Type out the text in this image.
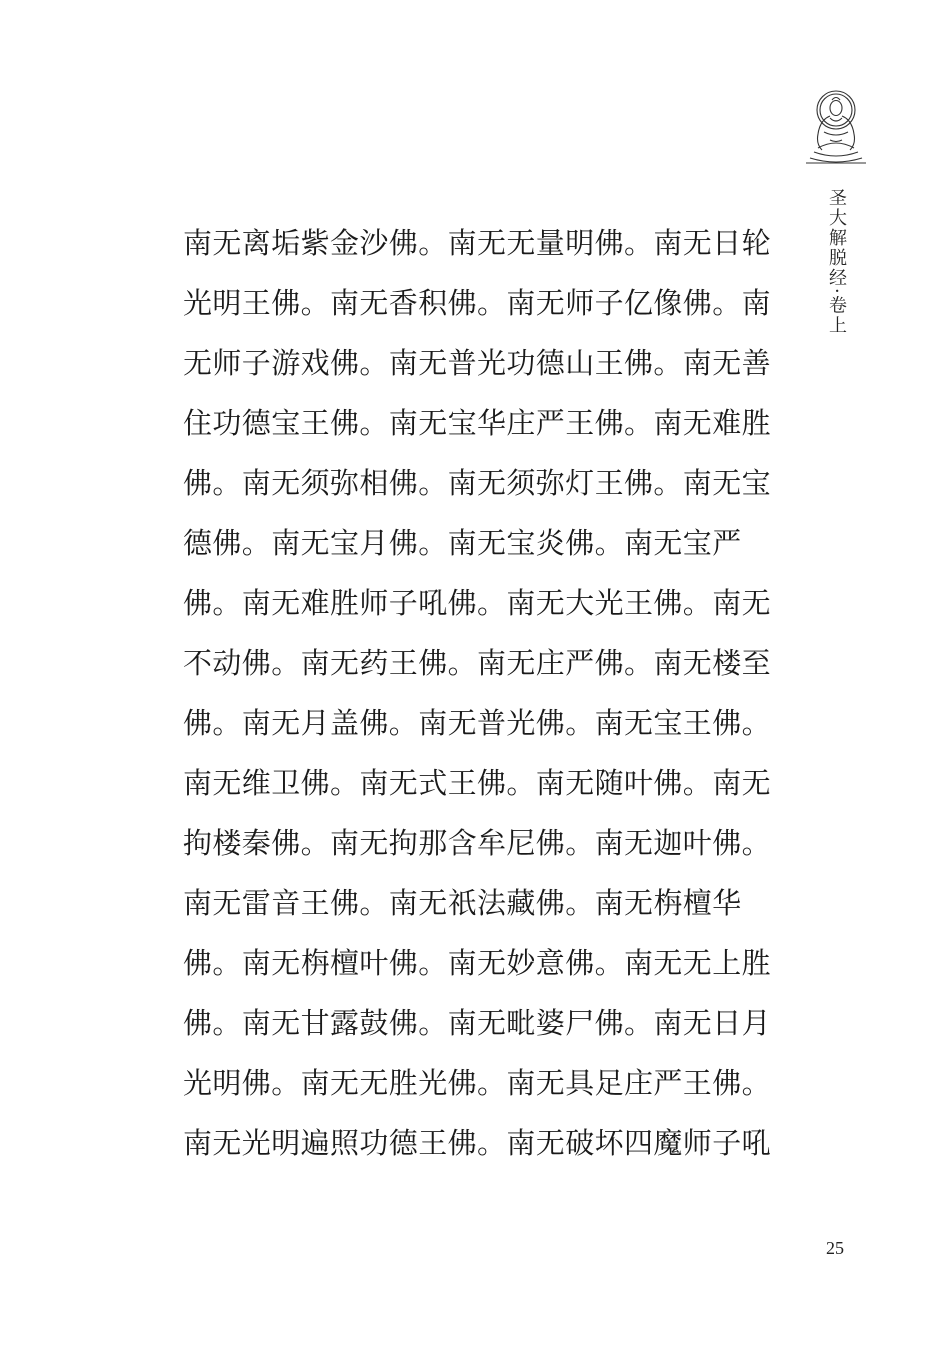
圣大解脱经·卷上
南无离垢紫金沙佛。南无无量明佛。南无日轮
光明王佛。南无香积佛。南无师子亿像佛。南
无师子游戏佛。南无普光功德山王佛。南无善
住功德宝王佛。南无宝华庄严王佛。南无难胜
佛。南无须弥相佛。南无须弥灯王佛。南无宝
德佛。南无宝月佛。南无宝炎佛。南无宝严
佛。南无难胜师子吼佛。南无大光王佛。南无
不动佛。南无药王佛。南无庄严佛。南无楼至
佛。南无月盖佛。南无普光佛。南无宝王佛。
南无维卫佛。南无式王佛。南无随叶佛。南无
拘楼秦佛。南无拘那含牟尼佛。南无迦叶佛。
南无雷音王佛。南无祇法藏佛。南无栴檀华
佛。南无栴檀叶佛。南无妙意佛。南无无上胜
佛。南无甘露鼓佛。南无毗婆尸佛。南无日月
光明佛。南无无胜光佛。南无具足庄严王佛。
南无光明遍照功德王佛。南无破坏四魔师子吼
25
